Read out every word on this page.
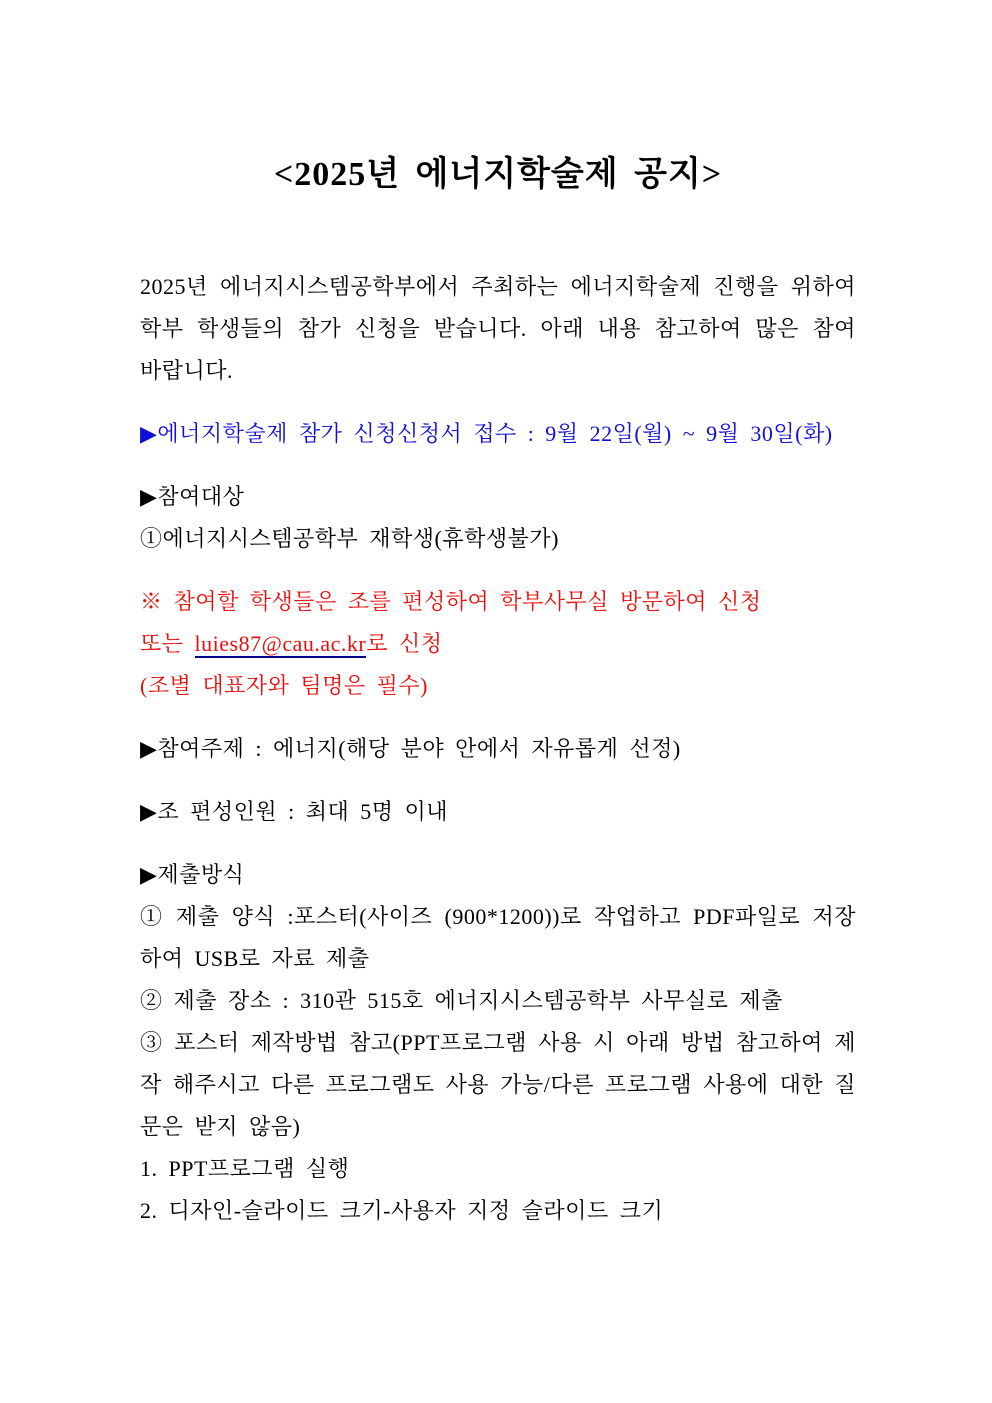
<2025년 에너지학술제 공지>

2025년 에너지시스템공학부에서 주최하는 에너지학술제 진행을 위하여 학부 학생들의 참가 신청을 받습니다. 아래 내용 참고하여 많은 참여 바랍니다.

▶에너지학술제 참가 신청신청서 접수 : 9월 22일(월) ~ 9월 30일(화)

▶참여대상
①에너지시스템공학부 재학생(휴학생불가)

※ 참여할 학생들은 조를 편성하여 학부사무실 방문하여 신청
또는 luies87@cau.ac.kr로 신청
(조별 대표자와 팀명은 필수)

▶참여주제 : 에너지(해당 분야 안에서 자유롭게 선정)

▶조 편성인원 : 최대 5명 이내

▶제출방식
① 제출 양식 :포스터(사이즈 (900*1200))로 작업하고 PDF파일로 저장하여 USB로 자료 제출
② 제출 장소 : 310관 515호 에너지시스템공학부 사무실로 제출
③ 포스터 제작방법 참고(PPT프로그램 사용 시 아래 방법 참고하여 제작 해주시고 다른 프로그램도 사용 가능/다른 프로그램 사용에 대한 질문은 받지 않음)
1. PPT프로그램 실행
2. 디자인-슬라이드 크기-사용자 지정 슬라이드 크기
